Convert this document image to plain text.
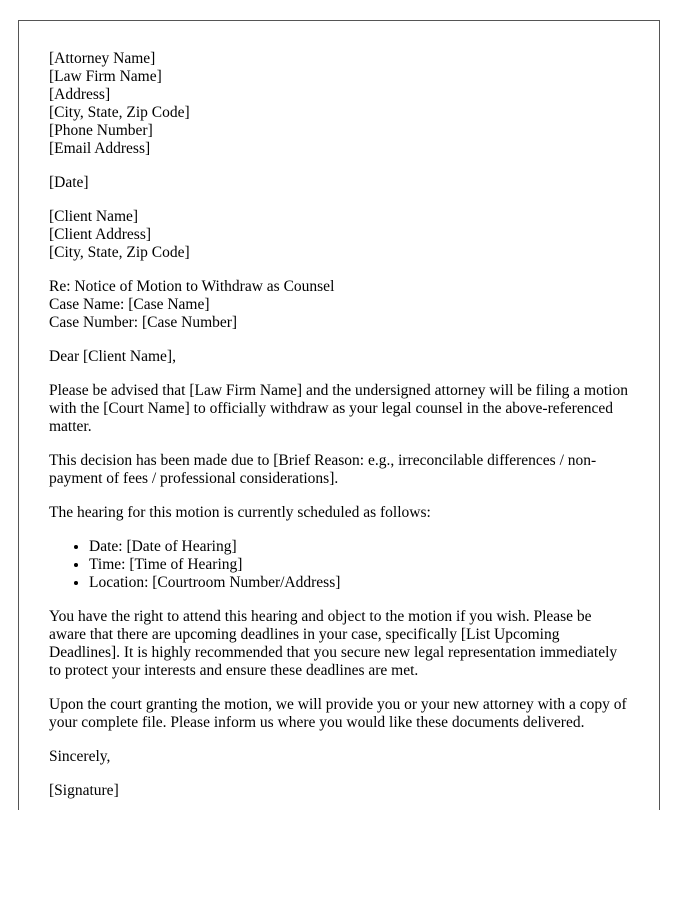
[Attorney Name]
[Law Firm Name]
[Address]
[City, State, Zip Code]
[Phone Number]
[Email Address]
[Date]
[Client Name]
[Client Address]
[City, State, Zip Code]
Re: Notice of Motion to Withdraw as Counsel
Case Name: [Case Name]
Case Number: [Case Number]

Dear [Client Name],

Please be advised that [Law Firm Name] and the undersigned attorney will be filing a motion with the [Court Name] to officially withdraw as your legal counsel in the above-referenced matter.

This decision has been made due to [Brief Reason: e.g., irreconcilable differences / non-payment of fees / professional considerations].

The hearing for this motion is currently scheduled as follows:

• Date: [Date of Hearing]
• Time: [Time of Hearing]
• Location: [Courtroom Number/Address]

You have the right to attend this hearing and object to the motion if you wish. Please be aware that there are upcoming deadlines in your case, specifically [List Upcoming Deadlines]. It is highly recommended that you secure new legal representation immediately to protect your interests and ensure these deadlines are met.

Upon the court granting the motion, we will provide you or your new attorney with a copy of your complete file. Please inform us where you would like these documents delivered.

Sincerely,

[Signature]
